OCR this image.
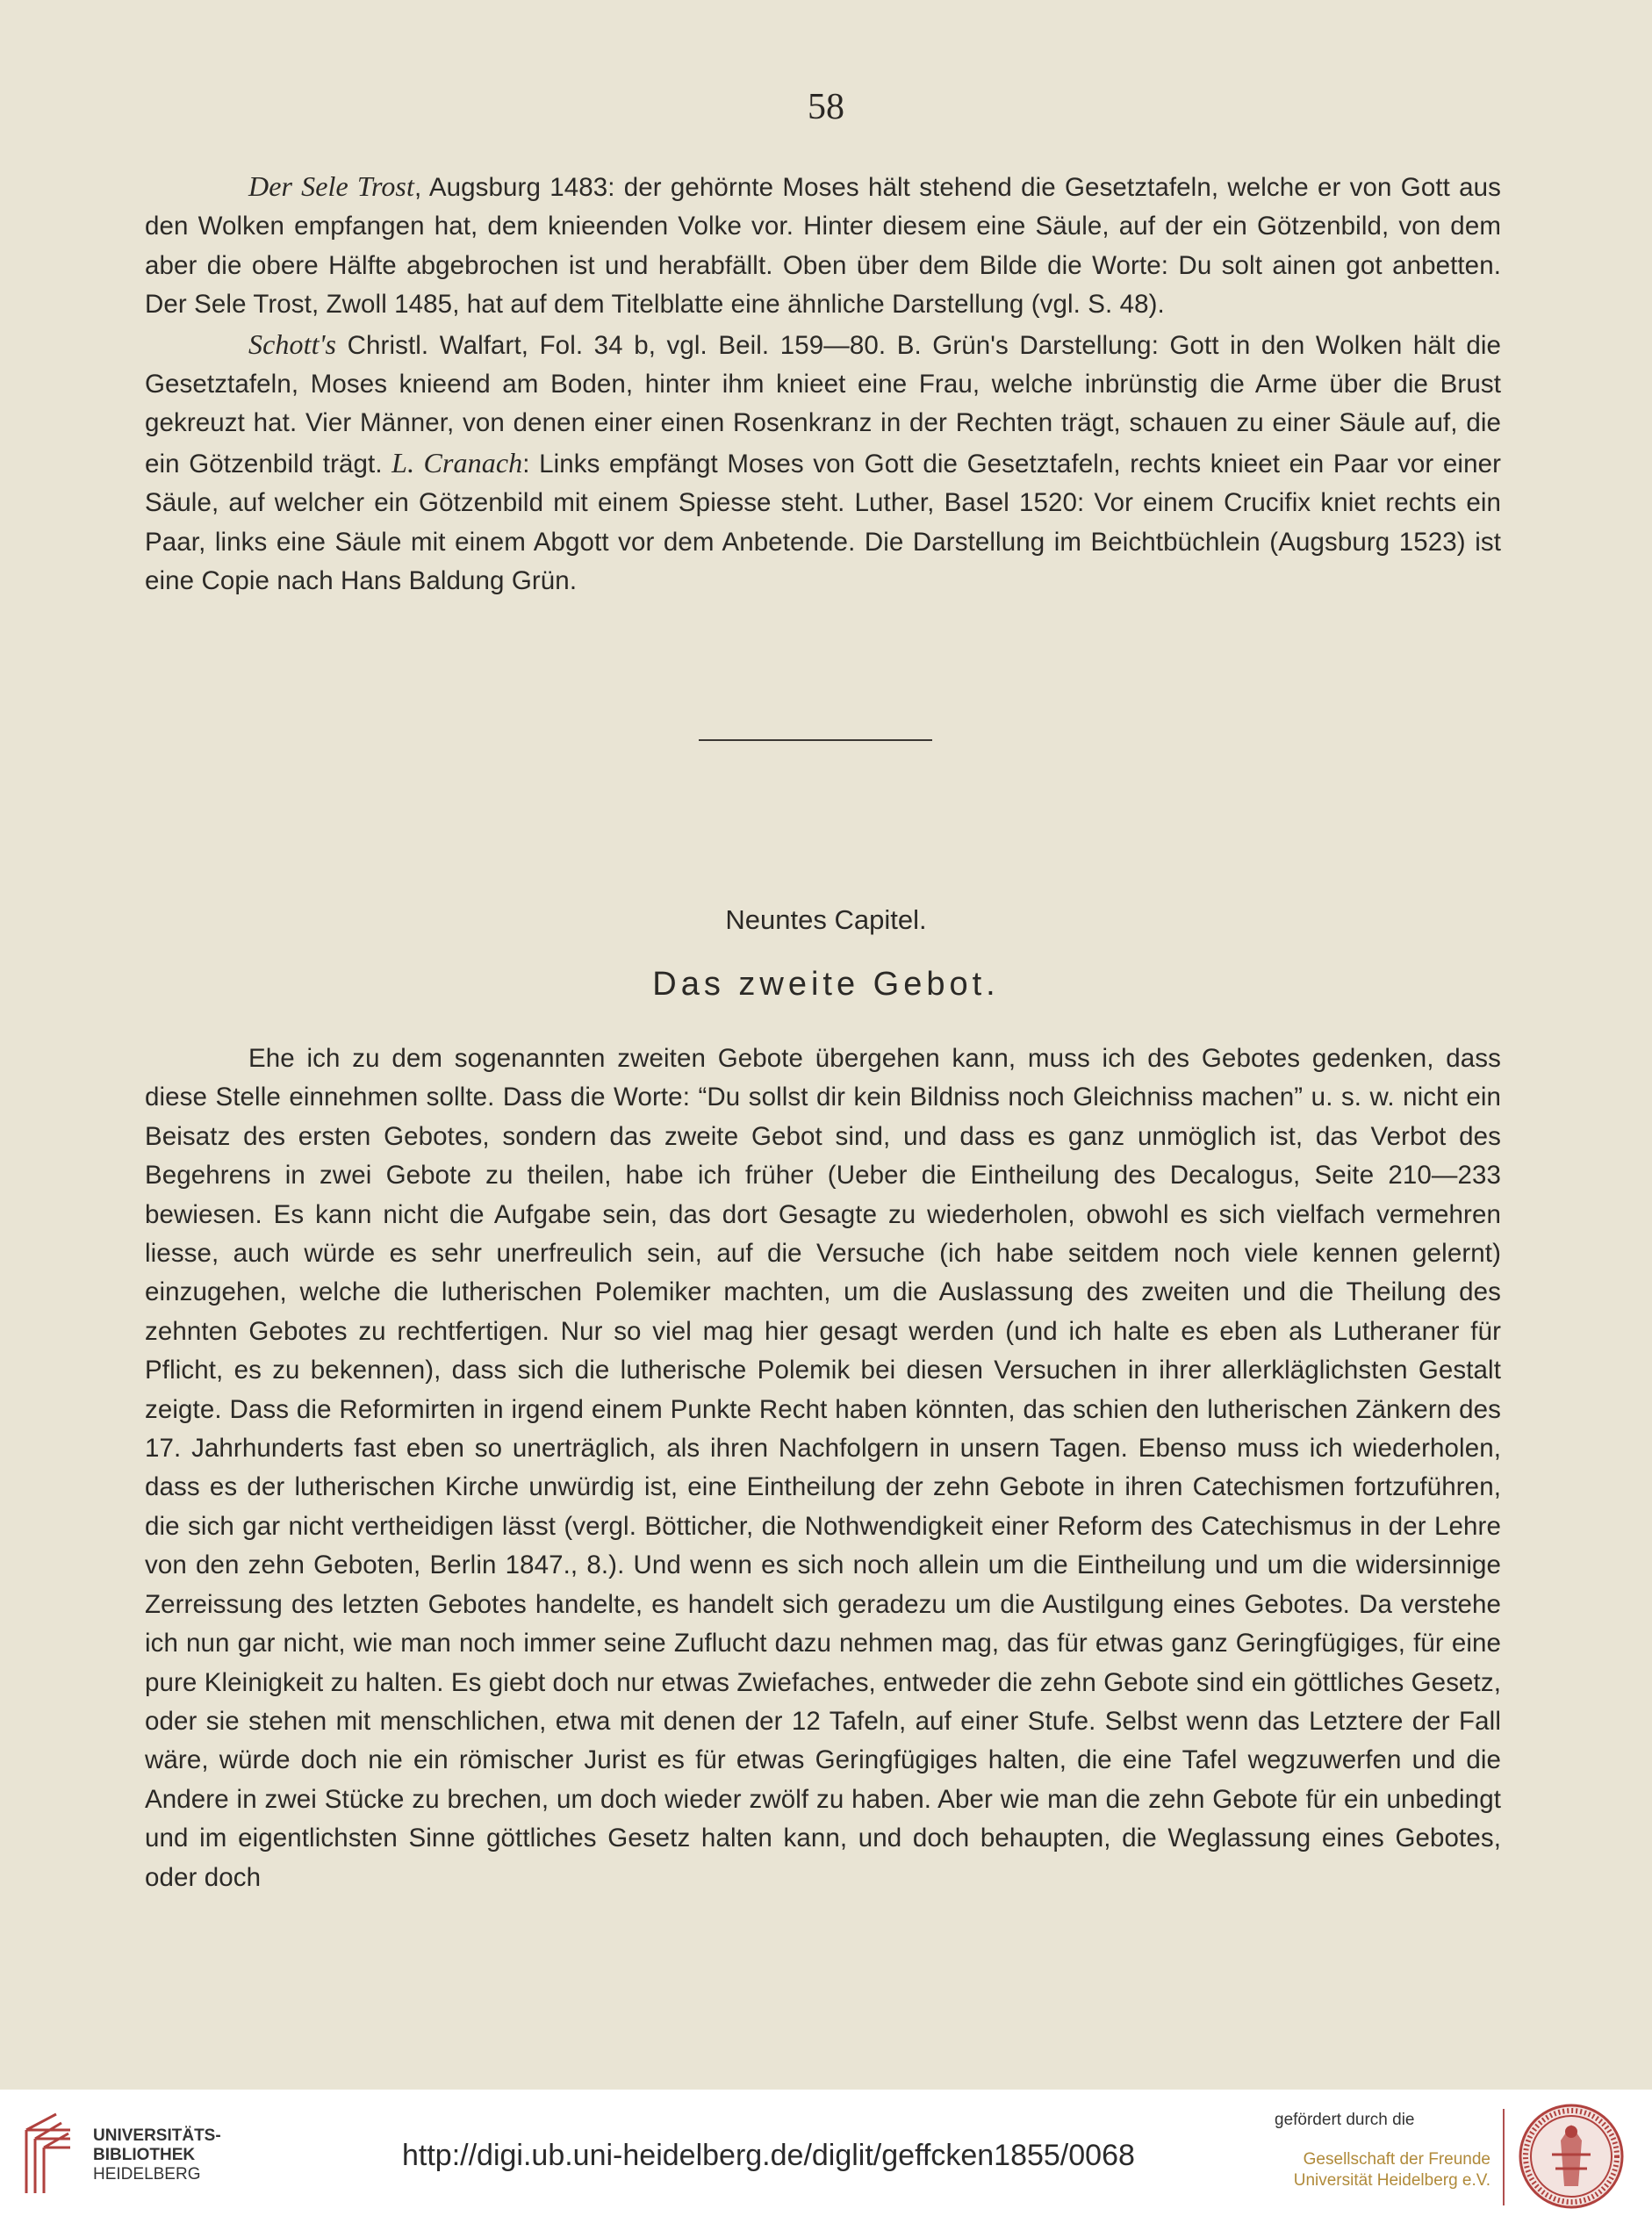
58

Der Sele Trost, Augsburg 1483: der gehörnte Moses hält stehend die Gesetztafeln, welche er von Gott aus den Wolken empfangen hat, dem knieenden Volke vor. Hinter diesem eine Säule, auf der ein Götzenbild, von dem aber die obere Hälfte abgebrochen ist und herabfällt. Oben über dem Bilde die Worte: Du solt ainen got anbetten. Der Sele Trost, Zwoll 1485, hat auf dem Titelblatte eine ähnliche Darstellung (vgl. S. 48).

Schott's Christl. Walfart, Fol. 34 b, vgl. Beil. 159—80. B. Grün's Darstellung: Gott in den Wolken hält die Gesetztafeln, Moses knieend am Boden, hinter ihm knieet eine Frau, welche inbrünstig die Arme über die Brust gekreuzt hat. Vier Männer, von denen einer einen Rosenkranz in der Rechten trägt, schauen zu einer Säule auf, die ein Götzenbild trägt. L. Cranach: Links empfängt Moses von Gott die Gesetztafeln, rechts knieet ein Paar vor einer Säule, auf welcher ein Götzenbild mit einem Spiesse steht. Luther, Basel 1520: Vor einem Crucifix kniet rechts ein Paar, links eine Säule mit einem Abgott vor dem Anbetende. Die Darstellung im Beichtbüchlein (Augsburg 1523) ist eine Copie nach Hans Baldung Grün.

Neuntes Capitel.
Das zweite Gebot.

Ehe ich zu dem sogenannten zweiten Gebote übergehen kann, muss ich des Gebotes gedenken, dass diese Stelle einnehmen sollte. Dass die Worte: “Du sollst dir kein Bildniss noch Gleichniss machen” u. s. w. nicht ein Beisatz des ersten Gebotes, sondern das zweite Gebot sind, und dass es ganz unmöglich ist, das Verbot des Begehrens in zwei Gebote zu theilen, habe ich früher (Ueber die Eintheilung des Decalogus, Seite 210—233 bewiesen. Es kann nicht die Aufgabe sein, das dort Gesagte zu wiederholen, obwohl es sich vielfach vermehren liesse, auch würde es sehr unerfreulich sein, auf die Versuche (ich habe seitdem noch viele kennen gelernt) einzugehen, welche die lutherischen Polemiker machten, um die Auslassung des zweiten und die Theilung des zehnten Gebotes zu rechtfertigen. Nur so viel mag hier gesagt werden (und ich halte es eben als Lutheraner für Pflicht, es zu bekennen), dass sich die lutherische Polemik bei diesen Versuchen in ihrer allerkläglichsten Gestalt zeigte. Dass die Reformirten in irgend einem Punkte Recht haben könnten, das schien den lutherischen Zänkern des 17. Jahrhunderts fast eben so unerträglich, als ihren Nachfolgern in unsern Tagen. Ebenso muss ich wiederholen, dass es der lutherischen Kirche unwürdig ist, eine Eintheilung der zehn Gebote in ihren Catechismen fortzuführen, die sich gar nicht vertheidigen lässt (vergl. Bötticher, die Nothwendigkeit einer Reform des Catechismus in der Lehre von den zehn Geboten, Berlin 1847., 8.). Und wenn es sich noch allein um die Eintheilung und um die widersinnige Zerreissung des letzten Gebotes handelte, es handelt sich geradezu um die Austilgung eines Gebotes. Da verstehe ich nun gar nicht, wie man noch immer seine Zuflucht dazu nehmen mag, das für etwas ganz Geringfügiges, für eine pure Kleinigkeit zu halten. Es giebt doch nur etwas Zwiefaches, entweder die zehn Gebote sind ein göttliches Gesetz, oder sie stehen mit menschlichen, etwa mit denen der 12 Tafeln, auf einer Stufe. Selbst wenn das Letztere der Fall wäre, würde doch nie ein römischer Jurist es für etwas Geringfügiges halten, die eine Tafel wegzuwerfen und die Andere in zwei Stücke zu brechen, um doch wieder zwölf zu haben. Aber wie man die zehn Gebote für ein unbedingt und im eigentlichsten Sinne göttliches Gesetz halten kann, und doch behaupten, die Weglassung eines Gebotes, oder doch

UNIVERSITÄTS-
BIBLIOTHEK
HEIDELBERG
http://digi.ub.uni-heidelberg.de/diglit/geffcken1855/0068
gefördert durch die
Gesellschaft der Freunde
Universität Heidelberg e.V.
